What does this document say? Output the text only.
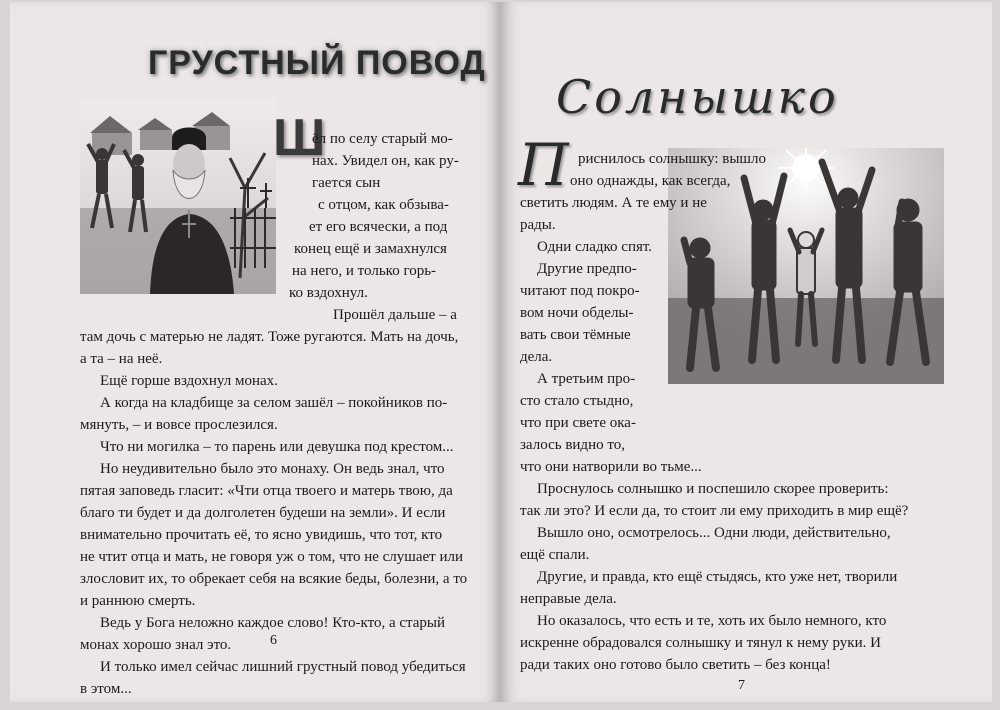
ГРУСТНЫЙ ПОВОД
Ш
ёл по селу старый мо-
нах. Увидел он, как ру-
гается сын
с отцом, как обзыва-
ет его всячески, а под
конец ещё и замахнулся
на него, и только горь-
ко вздохнул.
Прошёл дальше – а
там дочь с матерью не ладят. Тоже ругаются. Мать на дочь,
а та – на неё.
Ещё горше вздохнул монах.
А когда на кладбище за селом зашёл – покойников по-
мянуть, – и вовсе прослезился.
Что ни могилка – то парень или девушка под крестом...
Но неудивительно было это монаху. Он ведь знал, что
пятая заповедь гласит: «Чти отца твоего и матерь твою, да
благо ти будет и да долголетен будеши на земли». И если
внимательно прочитать её, то ясно увидишь, что тот, кто
не чтит отца и мать, не говоря уж о том, что не слушает или
злословит их, то обрекает себя на всякие беды, болезни, а то
и раннюю смерть.
Ведь у Бога неложно каждое слово! Кто-кто, а старый
монах хорошо знал это.
И только имел сейчас лишний грустный повод убедиться
в этом...
6
Солнышко
П риснилось солнышку: вышло
оно однажды, как всегда,
светить людям. А те ему и не
рады.
Одни сладко спят.
Другие предпо-
читают под покро-
вом ночи обделы-
вать свои тёмные
дела.
А третьим про-
сто стало стыдно,
что при свете ока-
залось видно то,
что они натворили во тьме...
Проснулось солнышко и поспешило скорее проверить:
так ли это? И если да, то стоит ли ему приходить в мир ещё?
Вышло оно, осмотрелось... Одни люди, действительно,
ещё спали.
Другие, и правда, кто ещё стыдясь, кто уже нет, творили
неправые дела.
Но оказалось, что есть и те, хоть их было немного, кто
искренне обрадовался солнышку и тянул к нему руки. И
ради таких оно готово было светить – без конца!
7
